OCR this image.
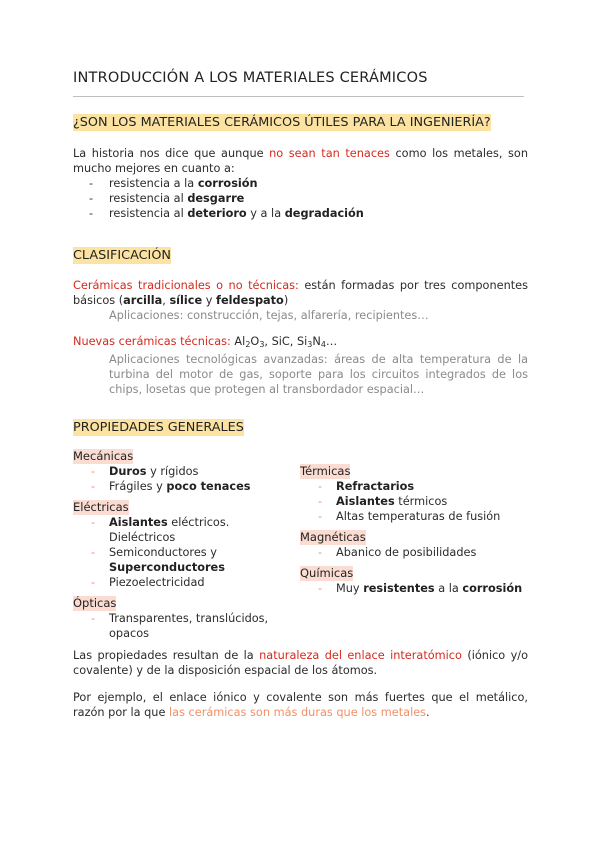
INTRODUCCIÓN A LOS MATERIALES CERÁMICOS
¿SON LOS MATERIALES CERÁMICOS ÚTILES PARA LA INGENIERÍA?

La historia nos dice que aunque no sean tan tenaces como los metales, son mucho mejores en cuanto a:

- resistencia a la corrosión
- resistencia al desgarre
- resistencia al deterioro y a la degradación
CLASIFICACIÓN

Cerámicas tradicionales o no técnicas: están formadas por tres componentes básicos (arcilla, sílice y feldespato)

Aplicaciones: construcción, tejas, alfarería, recipientes…

Nuevas cerámicas técnicas: $Al_2O_3$, SiC, $Si_3N_4\dots$

Aplicaciones tecnológicas avanzadas: áreas de alta temperatura de la turbina del motor de gas, soporte para los circuitos integrados de los chips, losetas que protegen al transbordador espacial…

PROPIEDADES GENERALES
Mecánicas
- Duros y rígidos
- Frágiles y poco tenaces
Eléctricas
- Aislantes eléctricos. Dieléctricos
- Semiconductores y
Superconductores
- Piezoelectricidad
Ópticas
- Transparentes, translúcidos, opacos
Térmicas
- Refractarios
- Aislantes térmicos
- Altas temperaturas de fusión
Magnéticas
- Abanico de posibilidades
Químicas
- Muy resistentes a la corrosión

Las propiedades resultan de la naturaleza del enlace interatómico (iónico y/o covalente) y de la disposición espacial de los átomos.

Por ejemplo, el enlace iónico y covalente son más fuertes que el metálico, razón por la que las cerámicas son más duras que los metales.
